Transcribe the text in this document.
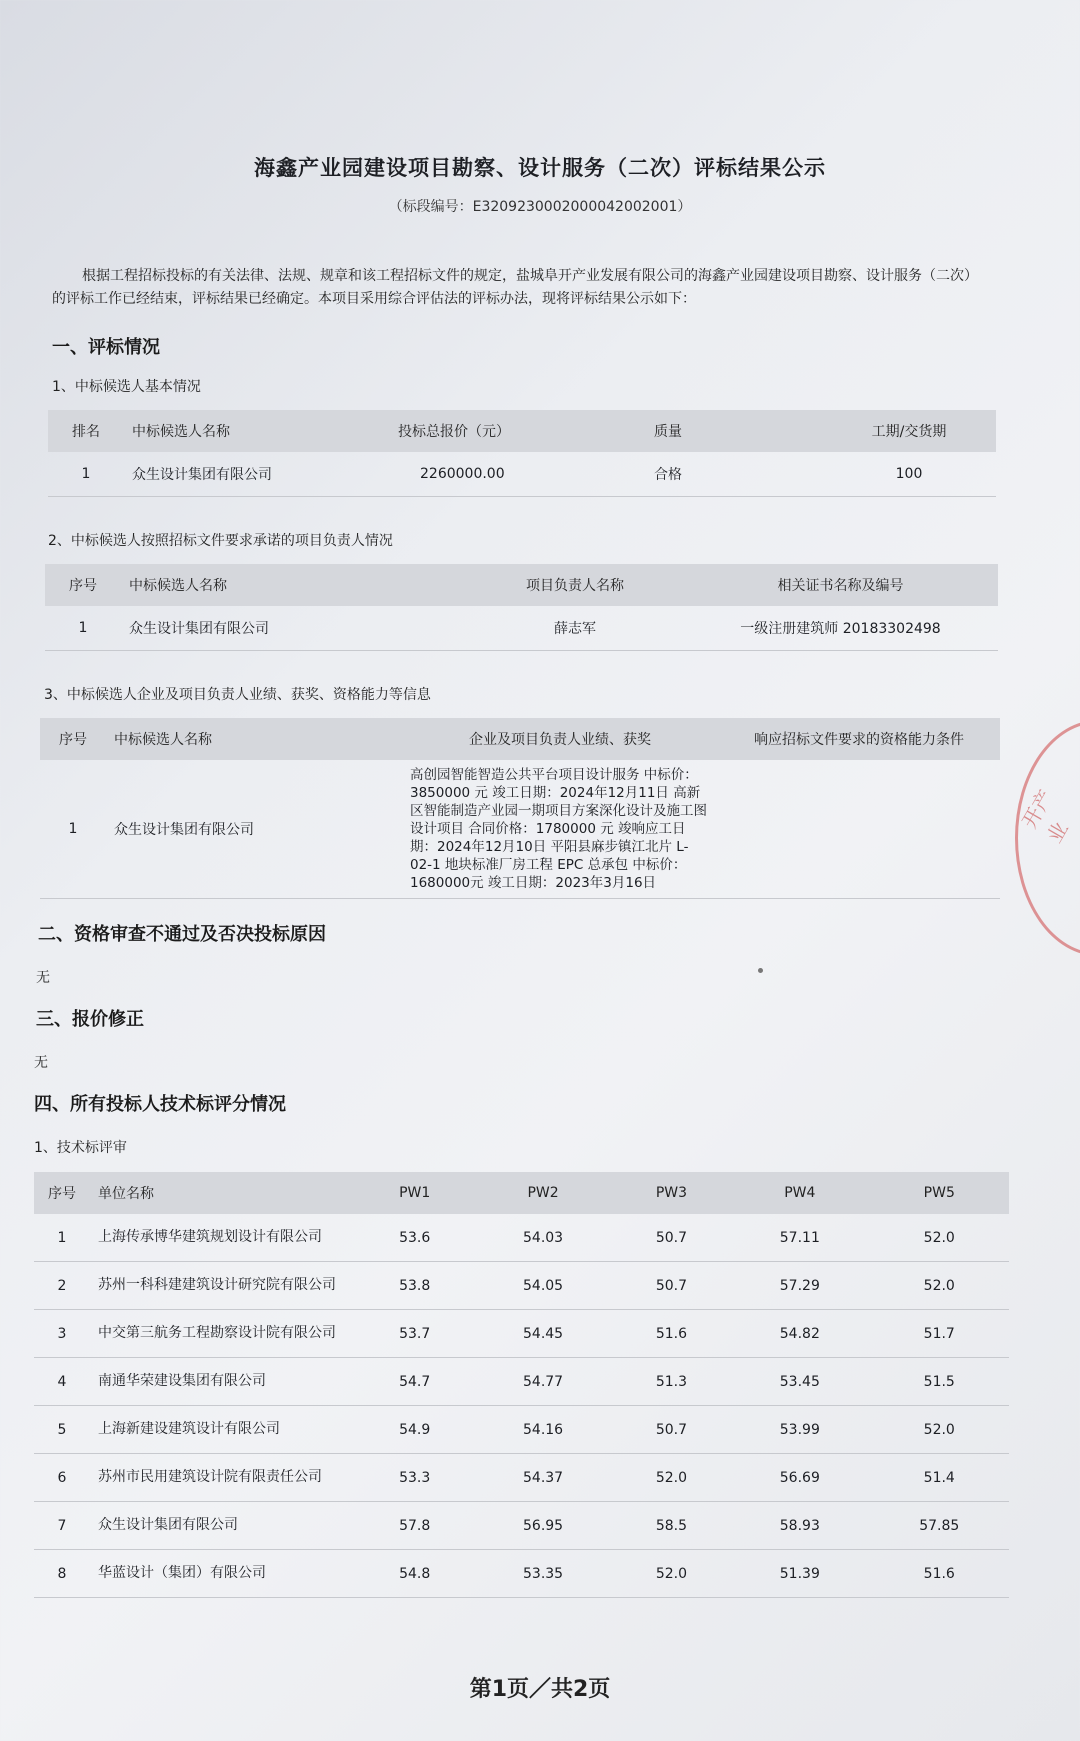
海鑫产业园建设项目勘察、设计服务（二次）评标结果公示
（标段编号：E3209230002000042002001）
根据工程招标投标的有关法律、法规、规章和该工程招标文件的规定，盐城阜开产业发展有限公司的海鑫产业园建设项目勘察、设计服务（二次）的评标工作已经结束，评标结果已经确定。本项目采用综合评估法的评标办法，现将评标结果公示如下：
一、评标情况
1、中标候选人基本情况
排名	中标候选人名称	投标总报价（元）	质量	工期/交货期
1	众生设计集团有限公司	2260000.00	合格	100
2、中标候选人按照招标文件要求承诺的项目负责人情况
序号	中标候选人名称	项目负责人名称	相关证书名称及编号
1	众生设计集团有限公司	薛志军	一级注册建筑师 20183302498
3、中标候选人企业及项目负责人业绩、获奖、资格能力等信息
序号	中标候选人名称	企业及项目负责人业绩、获奖	响应招标文件要求的资格能力条件
1	众生设计集团有限公司	高创园智能智造公共平台项目设计服务 中标价：3850000 元 竣工日期：2024年12月11日 高新区智能制造产业园一期项目方案深化设计及施工图设计项目 合同价格：1780000 元 竣响应工日期：2024年12月10日 平阳县麻步镇江北片 L-02-1 地块标准厂房工程 EPC 总承包 中标价：1680000元 竣工日期：2023年3月16日	
二、资格审查不通过及否决投标原因
无
三、报价修正
无
四、所有投标人技术标评分情况
1、技术标评审
序号	单位名称	PW1	PW2	PW3	PW4	PW5
1	上海传承博华建筑规划设计有限公司	53.6	54.03	50.7	57.11	52.0
2	苏州一科科建建筑设计研究院有限公司	53.8	54.05	50.7	57.29	52.0
3	中交第三航务工程勘察设计院有限公司	53.7	54.45	51.6	54.82	51.7
4	南通华荣建设集团有限公司	54.7	54.77	51.3	53.45	51.5
5	上海新建设建筑设计有限公司	54.9	54.16	50.7	53.99	52.0
6	苏州市民用建筑设计院有限责任公司	53.3	54.37	52.0	56.69	51.4
7	众生设计集团有限公司	57.8	56.95	58.5	58.93	57.85
8	华蓝设计（集团）有限公司	54.8	53.35	52.0	51.39	51.6
第1页／共2页
开产业
